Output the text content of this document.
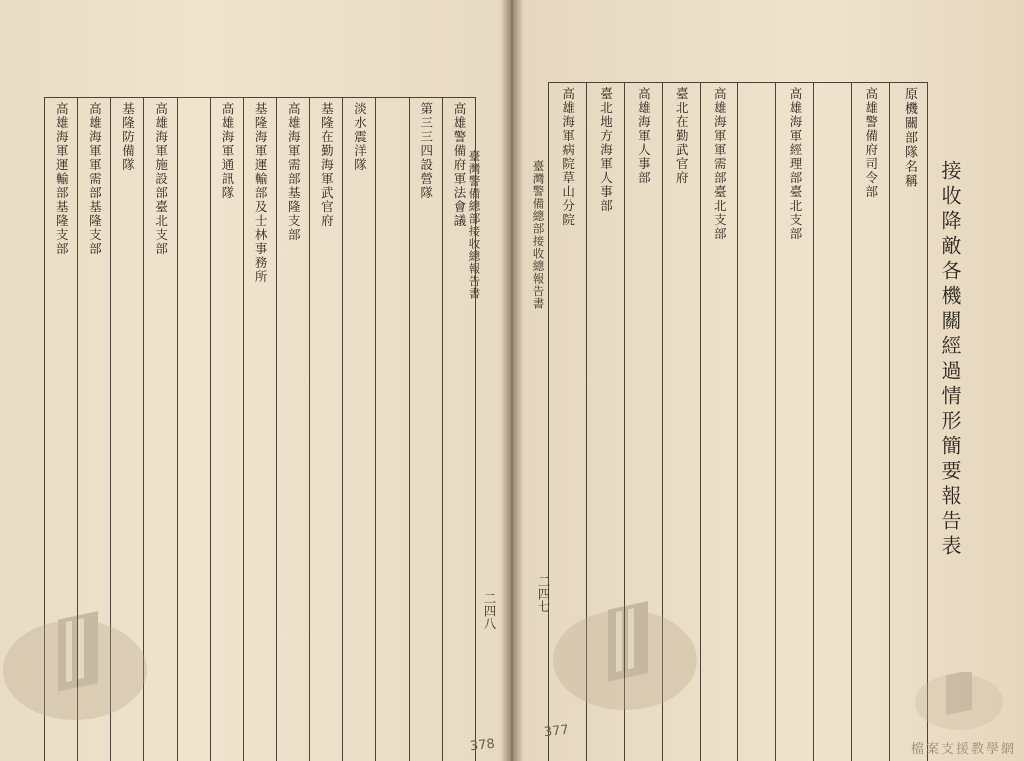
臺灣警備總部接收總報告書
高雄海軍運輸部基隆支部	高雄海軍軍需部基隆支部	基隆防備隊	高雄海軍施設部臺北支部		高雄海軍通訊隊	基隆海軍運輸部及士林事務所	高雄海軍需部基隆支部	基隆在勤海軍武官府	淡水震洋隊		第三三四設營隊	高雄警備府軍法會議

二四八
378
臺灣警備總部接收總報告書
高雄海軍病院草山分院	臺北地方海軍人事部	高雄海軍人事部	臺北在勤武官府	高雄海軍軍需部臺北支部		高雄海軍經理部臺北支部		高雄警備府司令部	原機關部隊名稱

二四七
377
接收降敵各機關經過情形簡要報告表
檔案支援教學網
